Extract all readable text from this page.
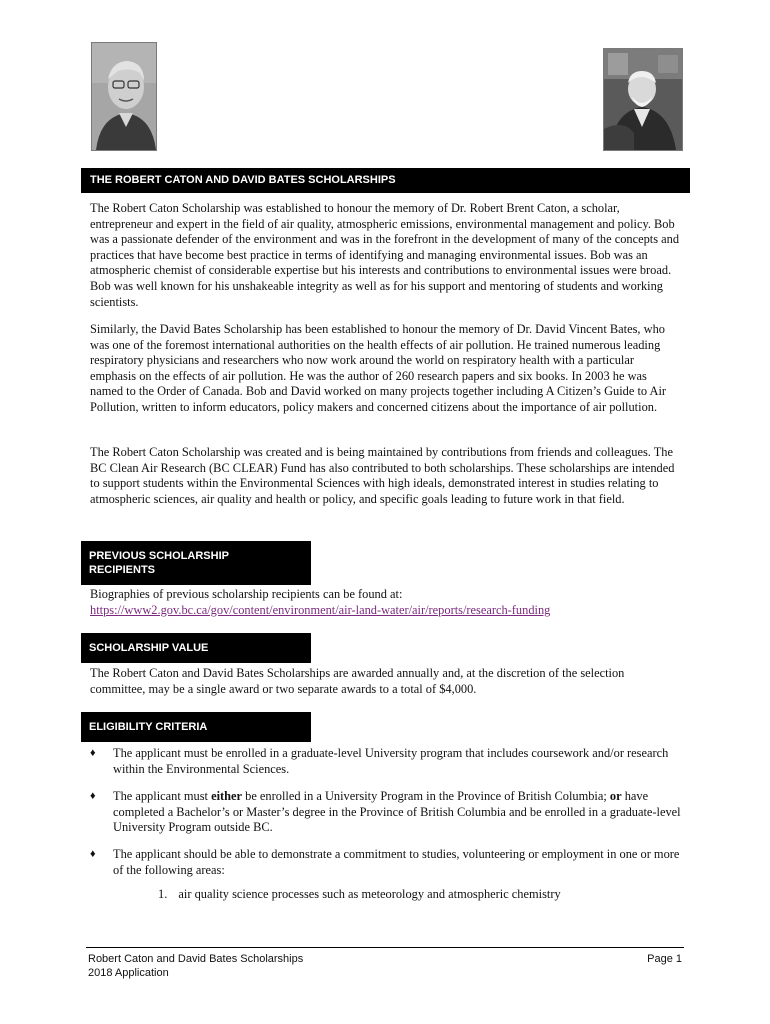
THE ROBERT CATON AND DAVID BATES SCHOLARSHIPS

The Robert Caton Scholarship was established to honour the memory of Dr. Robert Brent Caton, a scholar, entrepreneur and expert in the field of air quality, atmospheric emissions, environmental management and policy. Bob was a passionate defender of the environment and was in the forefront in the development of many of the concepts and practices that have become best practice in terms of identifying and managing environmental issues. Bob was an atmospheric chemist of considerable expertise but his interests and contributions to environmental issues were broad. Bob was well known for his unshakeable integrity as well as for his support and mentoring of students and working scientists.

Similarly, the David Bates Scholarship has been established to honour the memory of Dr. David Vincent Bates, who was one of the foremost international authorities on the health effects of air pollution. He trained numerous leading respiratory physicians and researchers who now work around the world on respiratory health with a particular emphasis on the effects of air pollution. He was the author of 260 research papers and six books. In 2003 he was named to the Order of Canada. Bob and David worked on many projects together including A Citizen’s Guide to Air Pollution, written to inform educators, policy makers and concerned citizens about the importance of air pollution.

The Robert Caton Scholarship was created and is being maintained by contributions from friends and colleagues. The BC Clean Air Research (BC CLEAR) Fund has also contributed to both scholarships. These scholarships are intended to support students within the Environmental Sciences with high ideals, demonstrated interest in studies relating to atmospheric sciences, air quality and health or policy, and specific goals leading to future work in that field.

PREVIOUS SCHOLARSHIP
RECIPIENTS
Biographies of previous scholarship recipients can be found at:
https://www2.gov.bc.ca/gov/content/environment/air-land-water/air/reports/research-funding
SCHOLARSHIP VALUE

The Robert Caton and David Bates Scholarships are awarded annually and, at the discretion of the selection committee, may be a single award or two separate awards to a total of $4,000.

ELIGIBILITY CRITERIA
♦ The applicant must be enrolled in a graduate-level University program that includes coursework and/or research within the Environmental Sciences.
♦ The applicant must either be enrolled in a University Program in the Province of British Columbia; or have completed a Bachelor’s or Master’s degree in the Province of British Columbia and be enrolled in a graduate-level University Program outside BC.
♦ The applicant should be able to demonstrate a commitment to studies, volunteering or employment in one or more of the following areas:
1. air quality science processes such as meteorology and atmospheric chemistry
Robert Caton and David Bates Scholarships
2018 Application
Page 1
